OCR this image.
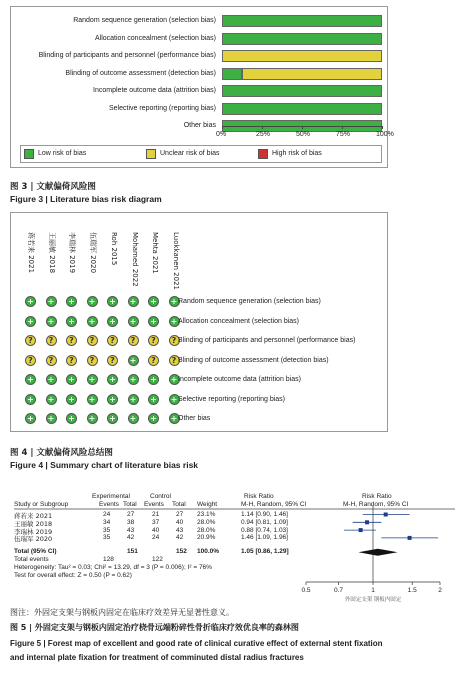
Random sequence generation (selection bias)
Allocation concealment (selection bias)
Blinding of participants and personnel (performance bias)
Blinding of outcome assessment (detection bias)
Incomplete outcome data (attrition bias)
Selective reporting (reporting bias)
Other bias
0%	25%	50%	75%	100%
Low risk of bias	Unclear risk of bias	High risk of bias
图 3 | 文献偏倚风险图
Figure 3 | Literature bias risk diagram
蒋若来 2021	王丽敏 2018	李瑞林 2019	伍瑞军 2020	Roh 2015	Mohamed 2022	Mehta 2021	Luokkanen 2021
+ + + + + + + +
+ + + + + + + +
?	?	?	?	?	?	?	?
?	?	?	?	?	+	?	?
+ + + + + + + +
+ + + + + + + +
+ + + + + + + +
Random sequence generation (selection bias)
Allocation concealment (selection bias)
Blinding of participants and personnel (performance bias)
Blinding of outcome assessment (detection bias)
Incomplete outcome data (attrition bias)
Selective reporting (reporting bias)
Other bias
图 4 | 文献偏倚风险总结图
Figure 4 | Summary chart of literature bias risk
Experimental	Control	Risk Ratio	Risk Ratio
Study or Subgroup	Events Total Events Total Weight	M-H, Random, 95% CI	M-H, Random, 95% CI
蒋若来 2021	24	27	21	27 23.1%	1.14 [0.90, 1.46]
王丽敏 2018	34	38	37	40 28.0%	0.94 [0.81, 1.09]
李瑞林 2019	35	43	40	43 28.0%	0.88 [0.74, 1.03]
伍瑞军 2020	35	42	24	42 20.9%	1.46 [1.09, 1.96]
Total (95% CI)	151	152 100.0%	1.05 [0.86, 1.29]
Total events	128	122
Heterogeneity: Tau² = 0.03; Chi² = 13.29, df = 3 (P = 0.006); I² = 76%
Test for overall effect: Z = 0.50 (P = 0.62)
0.5	0.7	1	1.5	2
外固定支架 钢板内固定
图注：外固定支架与钢板内固定在临床疗效差异无显著性意义。
图 5 | 外固定支架与钢板内固定治疗桡骨远端粉碎性骨折临床疗效优良率的森林图
Figure 5 | Forest map of excellent and good rate of clinical curative effect of external stent fixation
and internal plate fixation for treatment of comminuted distal radius fractures
